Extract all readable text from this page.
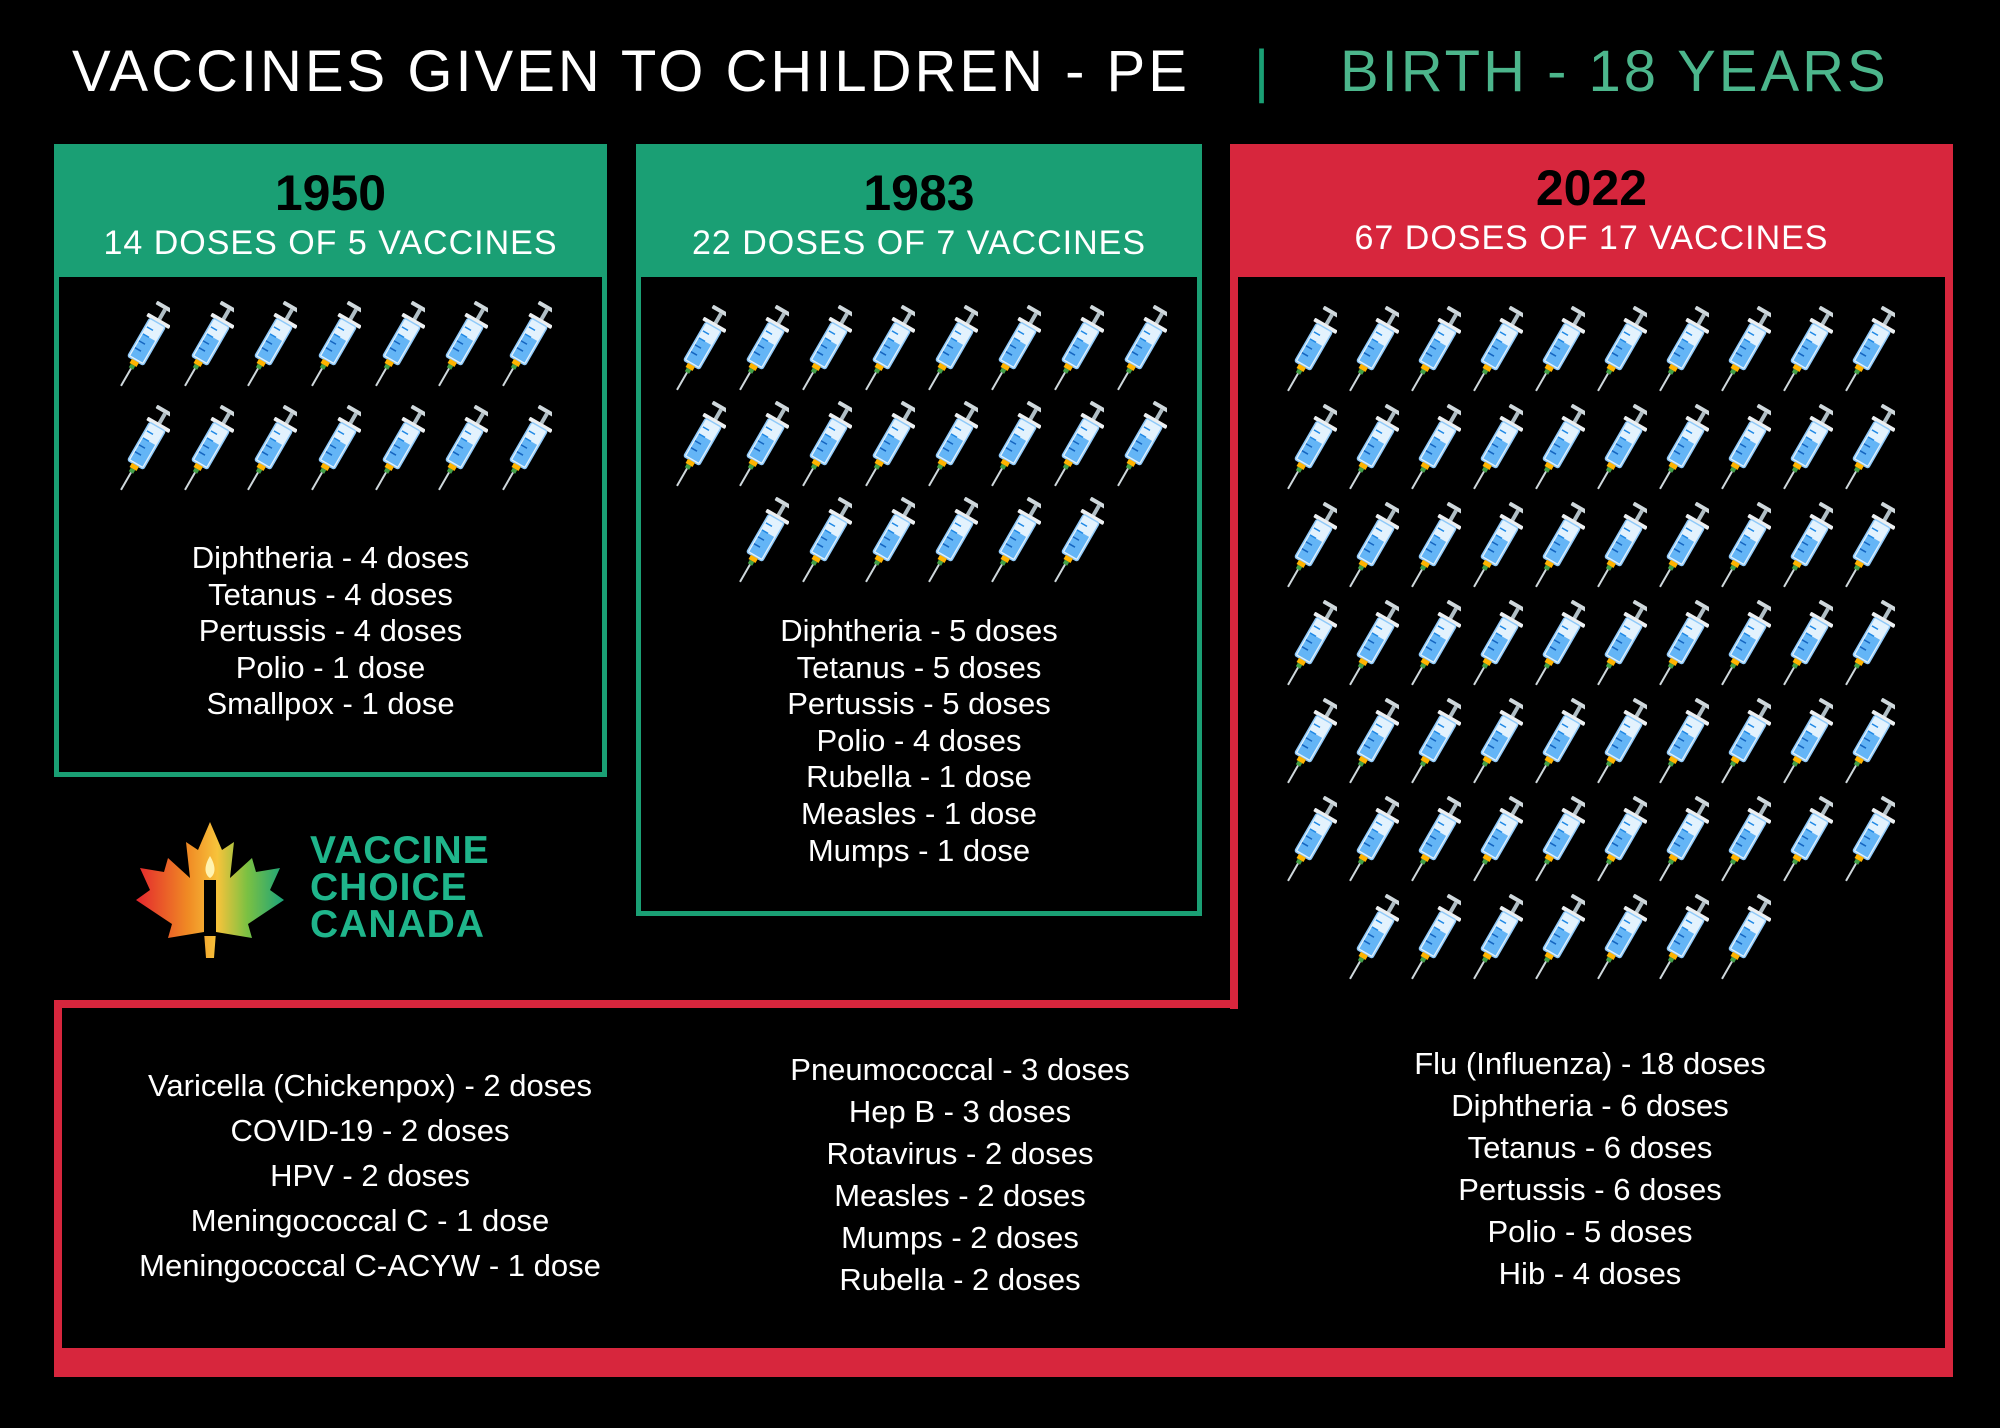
VACCINES GIVEN TO CHILDREN - PE | BIRTH - 18 YEARS
1950
14 DOSES OF 5 VACCINES
Diphtheria - 4 doses
Tetanus - 4 doses
Pertussis - 4 doses
Polio - 1 dose
Smallpox - 1 dose
1983
22 DOSES OF 7 VACCINES
Diphtheria - 5 doses
Tetanus - 5 doses
Pertussis - 5 doses
Polio - 4 doses
Rubella - 1 dose
Measles - 1 dose
Mumps - 1 dose
2022
67 DOSES OF 17 VACCINES
Varicella (Chickenpox) - 2 doses
COVID-19 - 2 doses
HPV - 2 doses
Meningococcal C - 1 dose
Meningococcal C-ACYW - 1 dose
Pneumococcal - 3 doses
Hep B - 3 doses
Rotavirus - 2 doses
Measles - 2 doses
Mumps - 2 doses
Rubella - 2 doses
Flu (Influenza) - 18 doses
Diphtheria - 6 doses
Tetanus - 6 doses
Pertussis - 6 doses
Polio - 5 doses
Hib - 4 doses
VACCINE
CHOICE
CANADA
